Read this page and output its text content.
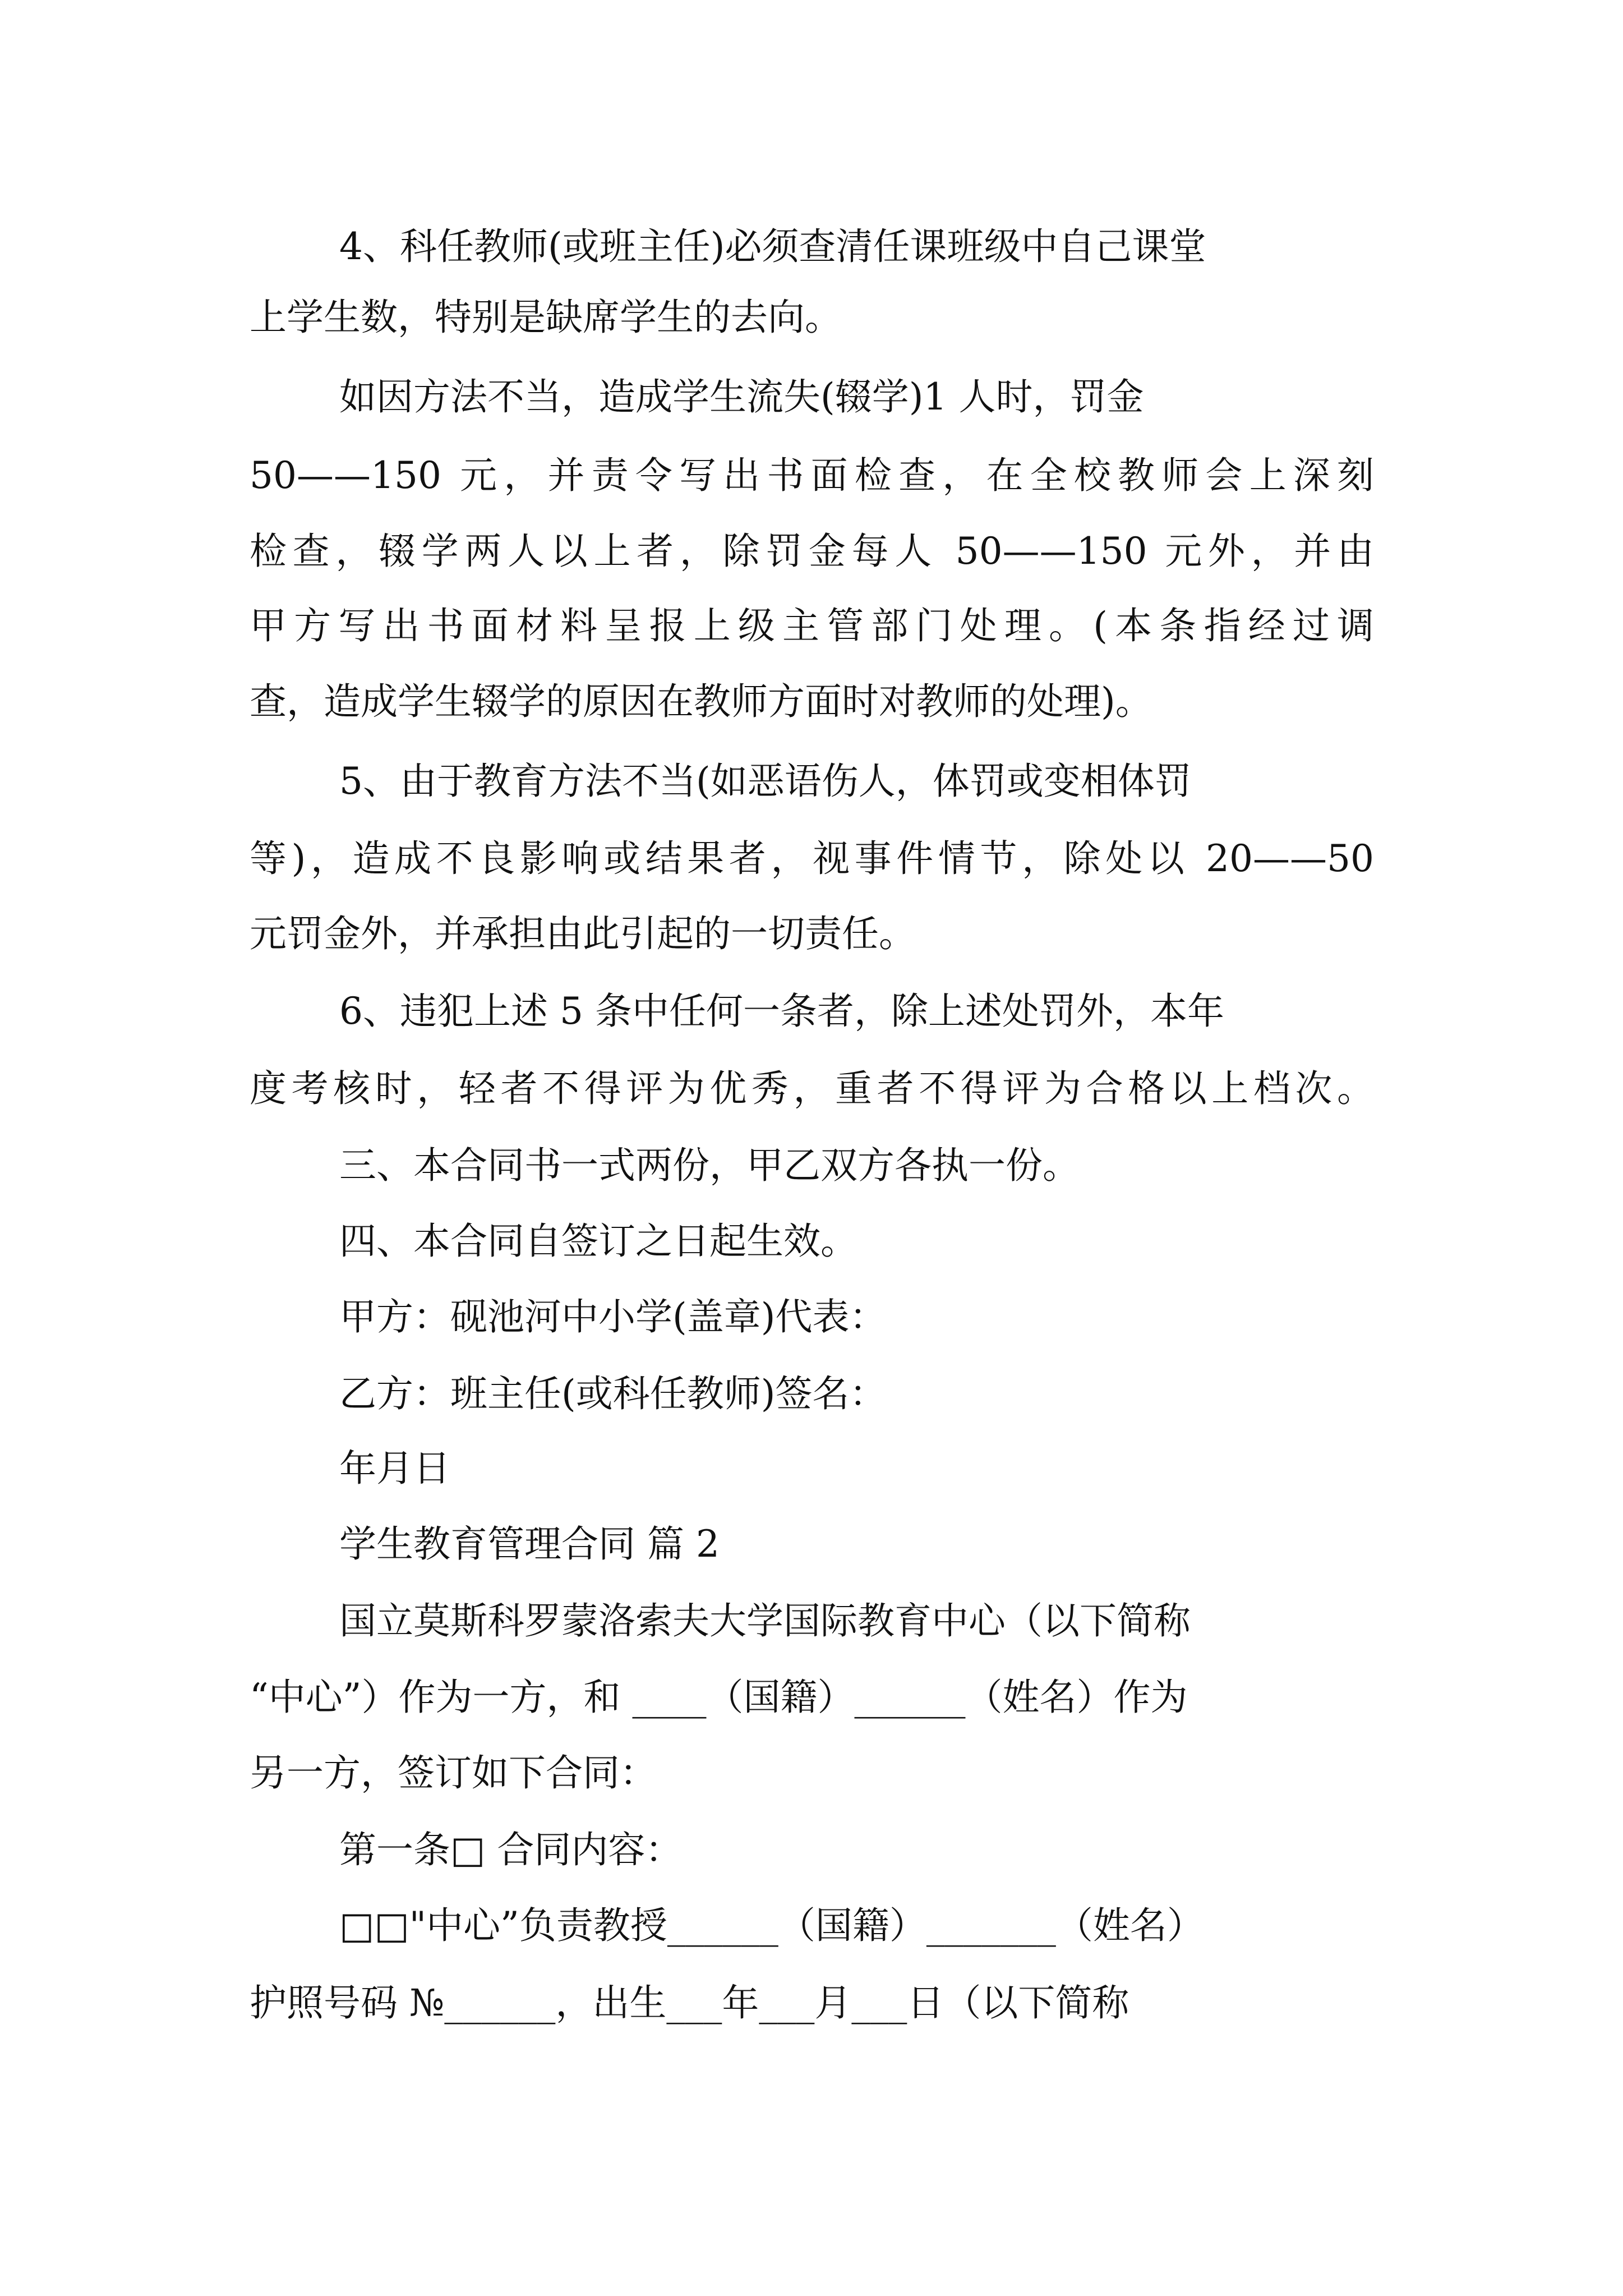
4、科任教师(或班主任)必须查清任课班级中自己课堂
上学生数，特别是缺席学生的去向。
如因方法不当，造成学生流失(辍学)1 人时，罚金
50——150 元，并责令写出书面检查，在全校教师会上深刻
检查，辍学两人以上者，除罚金每人 50——150 元外，并由
甲方写出书面材料呈报上级主管部门处理。(本条指经过调
查，造成学生辍学的原因在教师方面时对教师的处理)。
5、由于教育方法不当(如恶语伤人，体罚或变相体罚
等)，造成不良影响或结果者，视事件情节，除处以 20——50
元罚金外，并承担由此引起的一切责任。
6、违犯上述 5 条中任何一条者，除上述处罚外，本年
度考核时，轻者不得评为优秀，重者不得评为合格以上档次。
三、本合同书一式两份，甲乙双方各执一份。
四、本合同自签订之日起生效。
甲方：砚池河中小学(盖章)代表：
乙方：班主任(或科任教师)签名：
年月日
学生教育管理合同 篇 2
国立莫斯科罗蒙洛索夫大学国际教育中心（以下简称
“中心”）作为一方，和 ____（国籍）______（姓名）作为
另一方，签订如下合同：
第一条□ 合同内容：
□□"中心”负责教授______（国籍）_______（姓名）
护照号码 №______，出生___年___月___日（以下简称
